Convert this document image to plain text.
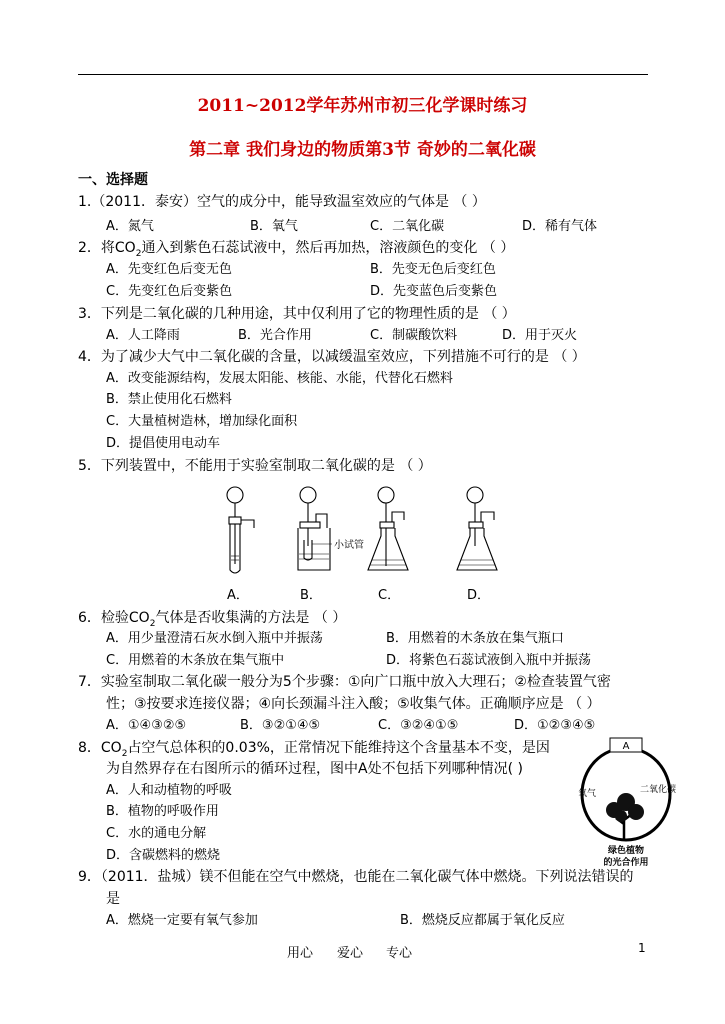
2011~2012学年苏州市初三化学课时练习
第二章 我们身边的物质第3节 奇妙的二氧化碳
一、选择题
1.（2011．泰安）空气的成分中，能导致温室效应的气体是 （ ）
A．氮气	B．氧气	C．二氧化碳	D．稀有气体
2．将$CO_2$通入到紫色石蕊试液中，然后再加热，溶液颜色的变化 （ ）
A．先变红色后变无色	B．先变无色后变红色
C．先变红色后变紫色	D．先变蓝色后变紫色
3．下列是二氧化碳的几种用途，其中仅利用了它的物理性质的是 （ ）
A．人工降雨	B．光合作用	C．制碳酸饮料	D．用于灭火
4．为了减少大气中二氧化碳的含量，以减缓温室效应，下列措施不可行的是 （ ）
A．改变能源结构，发展太阳能、核能、水能，代替化石燃料
B．禁止使用化石燃料
C．大量植树造林，增加绿化面积
D．提倡使用电动车
5．下列装置中，不能用于实验室制取二氧化碳的是 （ ）
小试管
A．	B．	C．	D．
6．检验$CO_2$气体是否收集满的方法是 （ ）
A．用少量澄清石灰水倒入瓶中并振荡	B．用燃着的木条放在集气瓶口
C．用燃着的木条放在集气瓶中	D．将紫色石蕊试液倒入瓶中并振荡
7．实验室制取二氧化碳一般分为5个步骤：①向广口瓶中放入大理石；②检查装置气密
性；③按要求连接仪器；④向长颈漏斗注入酸；⑤收集气体。正确顺序应是 （ ）
A．①④③②⑤	B．③②①④⑤	C．③②④①⑤	D．①②③④⑤
8．$CO_2$占空气总体积的0.03%，正常情况下能维持这个含量基本不变，是因
为自然界存在右图所示的循环过程，图中A处不包括下列哪种情况( )
A．人和动植物的呼吸
B．植物的呼吸作用
C．水的通电分解
D．含碳燃料的燃烧
A
氧气	二氧化碳
绿色植物
的光合作用
9．（2011．盐城）镁不但能在空气中燃烧，也能在二氧化碳气体中燃烧。下列说法错误的
是
A．燃烧一定要有氧气参加	B．燃烧反应都属于氧化反应
用心 爱心 专心	1
